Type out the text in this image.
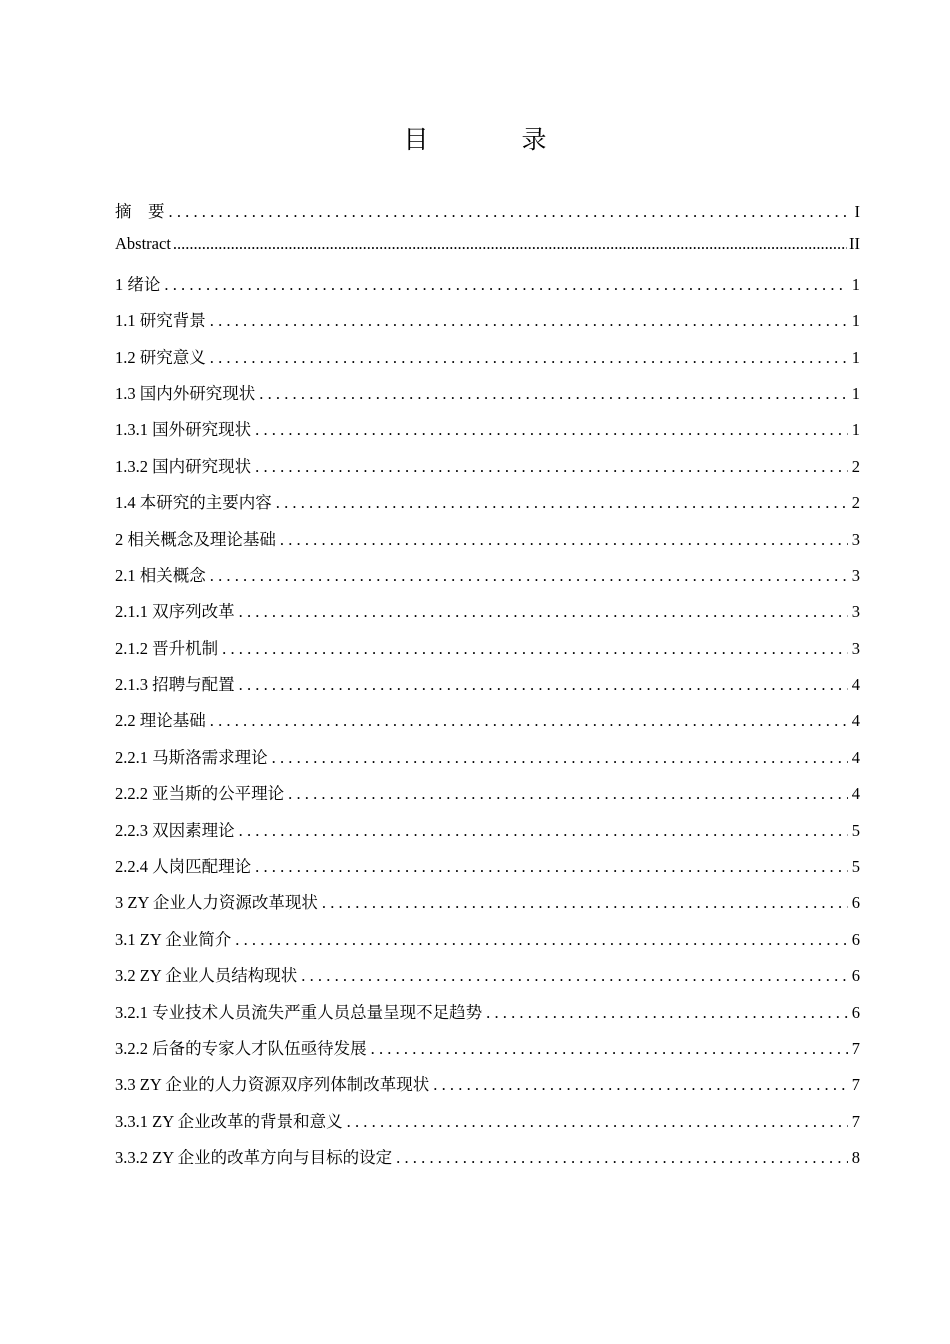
目　录
摘　要 .....	I
Abstract .....	II
1 绪论 .....	1
1.1 研究背景 .....	1
1.2 研究意义 .....	1
1.3 国内外研究现状 .....	1
1.3.1 国外研究现状 .....	1
1.3.2 国内研究现状 .....	2
1.4 本研究的主要内容 .....	2
2 相关概念及理论基础 .....	3
2.1 相关概念 .....	3
2.1.1 双序列改革 .....	3
2.1.2 晋升机制 .....	3
2.1.3 招聘与配置 .....	4
2.2 理论基础 .....	4
2.2.1 马斯洛需求理论 .....	4
2.2.2 亚当斯的公平理论 .....	4
2.2.3 双因素理论 .....	5
2.2.4 人岗匹配理论 .....	5
3 ZY 企业人力资源改革现状 .....	6
3.1 ZY 企业简介 .....	6
3.2 ZY 企业人员结构现状 .....	6
3.2.1 专业技术人员流失严重人员总量呈现不足趋势 .....	6
3.2.2 后备的专家人才队伍亟待发展 .....	7
3.3 ZY 企业的人力资源双序列体制改革现状 .....	7
3.3.1 ZY 企业改革的背景和意义 .....	7
3.3.2 ZY 企业的改革方向与目标的设定 .....	8
